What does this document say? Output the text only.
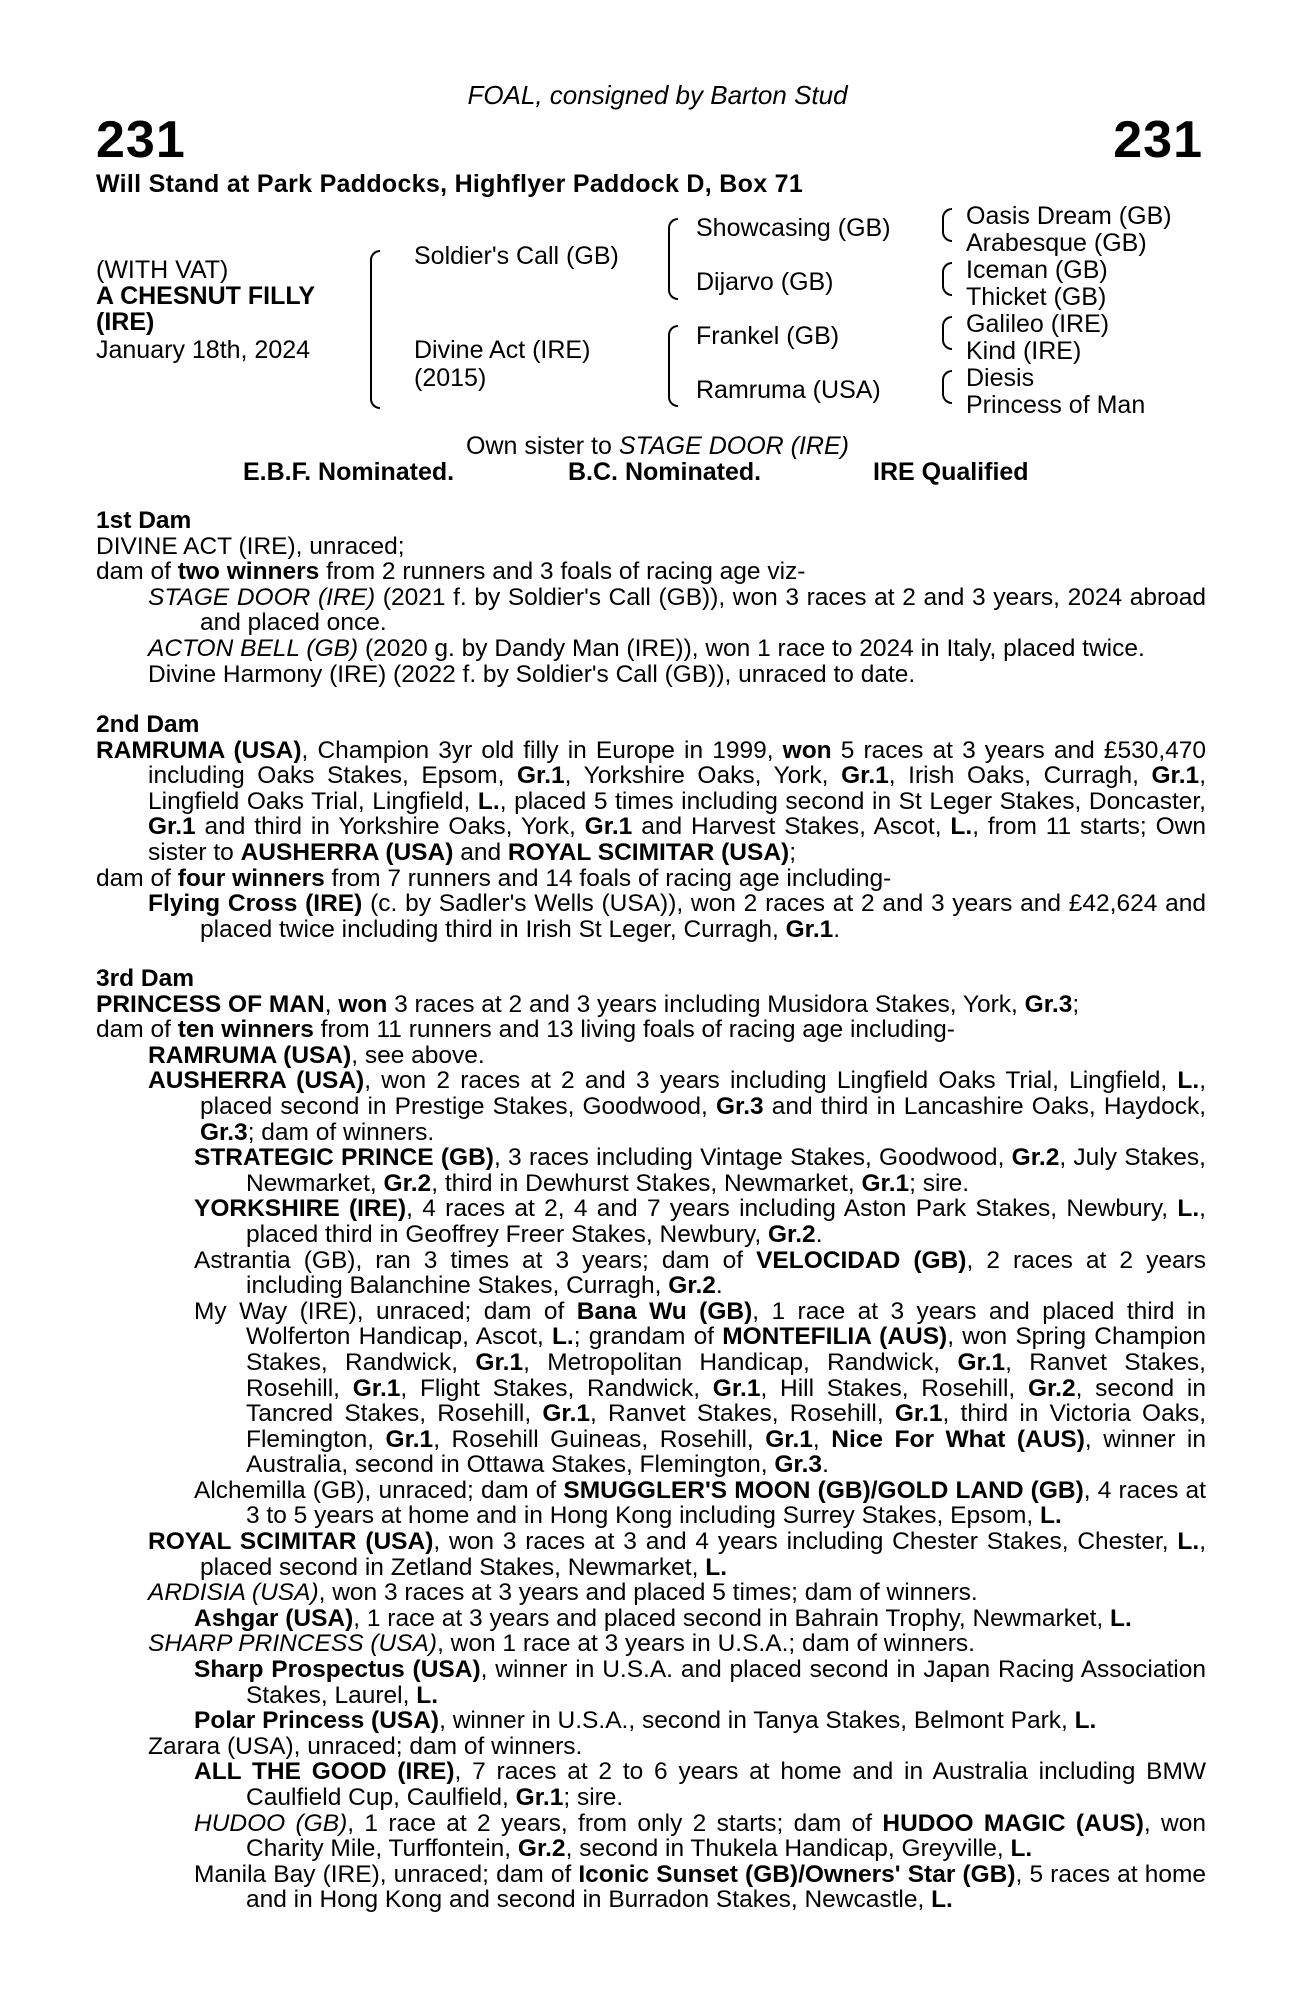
FOAL, consigned by Barton Stud
231	231
Will Stand at Park Paddocks, Highflyer Paddock D, Box 71
(WITH VAT)
A CHESNUT FILLY
(IRE)
January 18th, 2024
Soldier's Call (GB)
Divine Act (IRE)
(2015)
Showcasing (GB)
Dijarvo (GB)
Frankel (GB)
Ramruma (USA)
Oasis Dream (GB)
Arabesque (GB)
Iceman (GB)
Thicket (GB)
Galileo (IRE)
Kind (IRE)
Diesis
Princess of Man
Own sister to STAGE DOOR (IRE)
E.B.F. Nominated.	B.C. Nominated.	IRE Qualified

1st Dam

DIVINE ACT (IRE), unraced;

dam of two winners from 2 runners and 3 foals of racing age viz-

STAGE DOOR (IRE) (2021 f. by Soldier's Call (GB)), won 3 races at 2 and 3 years, 2024 abroad and placed once.

ACTON BELL (GB) (2020 g. by Dandy Man (IRE)), won 1 race to 2024 in Italy, placed twice.

Divine Harmony (IRE) (2022 f. by Soldier's Call (GB)), unraced to date.

2nd Dam

RAMRUMA (USA), Champion 3yr old filly in Europe in 1999, won 5 races at 3 years and £530,470 including Oaks Stakes, Epsom, Gr.1, Yorkshire Oaks, York, Gr.1, Irish Oaks, Curragh, Gr.1, Lingfield Oaks Trial, Lingfield, L., placed 5 times including second in St Leger Stakes, Doncaster, Gr.1 and third in Yorkshire Oaks, York, Gr.1 and Harvest Stakes, Ascot, L., from 11 starts; Own sister to AUSHERRA (USA) and ROYAL SCIMITAR (USA);

dam of four winners from 7 runners and 14 foals of racing age including-

Flying Cross (IRE) (c. by Sadler's Wells (USA)), won 2 races at 2 and 3 years and £42,624 and placed twice including third in Irish St Leger, Curragh, Gr.1.

3rd Dam

PRINCESS OF MAN, won 3 races at 2 and 3 years including Musidora Stakes, York, Gr.3;

dam of ten winners from 11 runners and 13 living foals of racing age including-

RAMRUMA (USA), see above.

AUSHERRA (USA), won 2 races at 2 and 3 years including Lingfield Oaks Trial, Lingfield, L., placed second in Prestige Stakes, Goodwood, Gr.3 and third in Lancashire Oaks, Haydock, Gr.3; dam of winners.

STRATEGIC PRINCE (GB), 3 races including Vintage Stakes, Goodwood, Gr.2, July Stakes, Newmarket, Gr.2, third in Dewhurst Stakes, Newmarket, Gr.1; sire.

YORKSHIRE (IRE), 4 races at 2, 4 and 7 years including Aston Park Stakes, Newbury, L., placed third in Geoffrey Freer Stakes, Newbury, Gr.2.

Astrantia (GB), ran 3 times at 3 years; dam of VELOCIDAD (GB), 2 races at 2 years including Balanchine Stakes, Curragh, Gr.2.

My Way (IRE), unraced; dam of Bana Wu (GB), 1 race at 3 years and placed third in Wolferton Handicap, Ascot, L.; grandam of MONTEFILIA (AUS), won Spring Champion Stakes, Randwick, Gr.1, Metropolitan Handicap, Randwick, Gr.1, Ranvet Stakes, Rosehill, Gr.1, Flight Stakes, Randwick, Gr.1, Hill Stakes, Rosehill, Gr.2, second in Tancred Stakes, Rosehill, Gr.1, Ranvet Stakes, Rosehill, Gr.1, third in Victoria Oaks, Flemington, Gr.1, Rosehill Guineas, Rosehill, Gr.1, Nice For What (AUS), winner in Australia, second in Ottawa Stakes, Flemington, Gr.3.

Alchemilla (GB), unraced; dam of SMUGGLER'S MOON (GB)/GOLD LAND (GB), 4 races at 3 to 5 years at home and in Hong Kong including Surrey Stakes, Epsom, L.

ROYAL SCIMITAR (USA), won 3 races at 3 and 4 years including Chester Stakes, Chester, L., placed second in Zetland Stakes, Newmarket, L.

ARDISIA (USA), won 3 races at 3 years and placed 5 times; dam of winners.

Ashgar (USA), 1 race at 3 years and placed second in Bahrain Trophy, Newmarket, L.

SHARP PRINCESS (USA), won 1 race at 3 years in U.S.A.; dam of winners.

Sharp Prospectus (USA), winner in U.S.A. and placed second in Japan Racing Association Stakes, Laurel, L.

Polar Princess (USA), winner in U.S.A., second in Tanya Stakes, Belmont Park, L.

Zarara (USA), unraced; dam of winners.

ALL THE GOOD (IRE), 7 races at 2 to 6 years at home and in Australia including BMW Caulfield Cup, Caulfield, Gr.1; sire.

HUDOO (GB), 1 race at 2 years, from only 2 starts; dam of HUDOO MAGIC (AUS), won Charity Mile, Turffontein, Gr.2, second in Thukela Handicap, Greyville, L.

Manila Bay (IRE), unraced; dam of Iconic Sunset (GB)/Owners' Star (GB), 5 races at home and in Hong Kong and second in Burradon Stakes, Newcastle, L.
